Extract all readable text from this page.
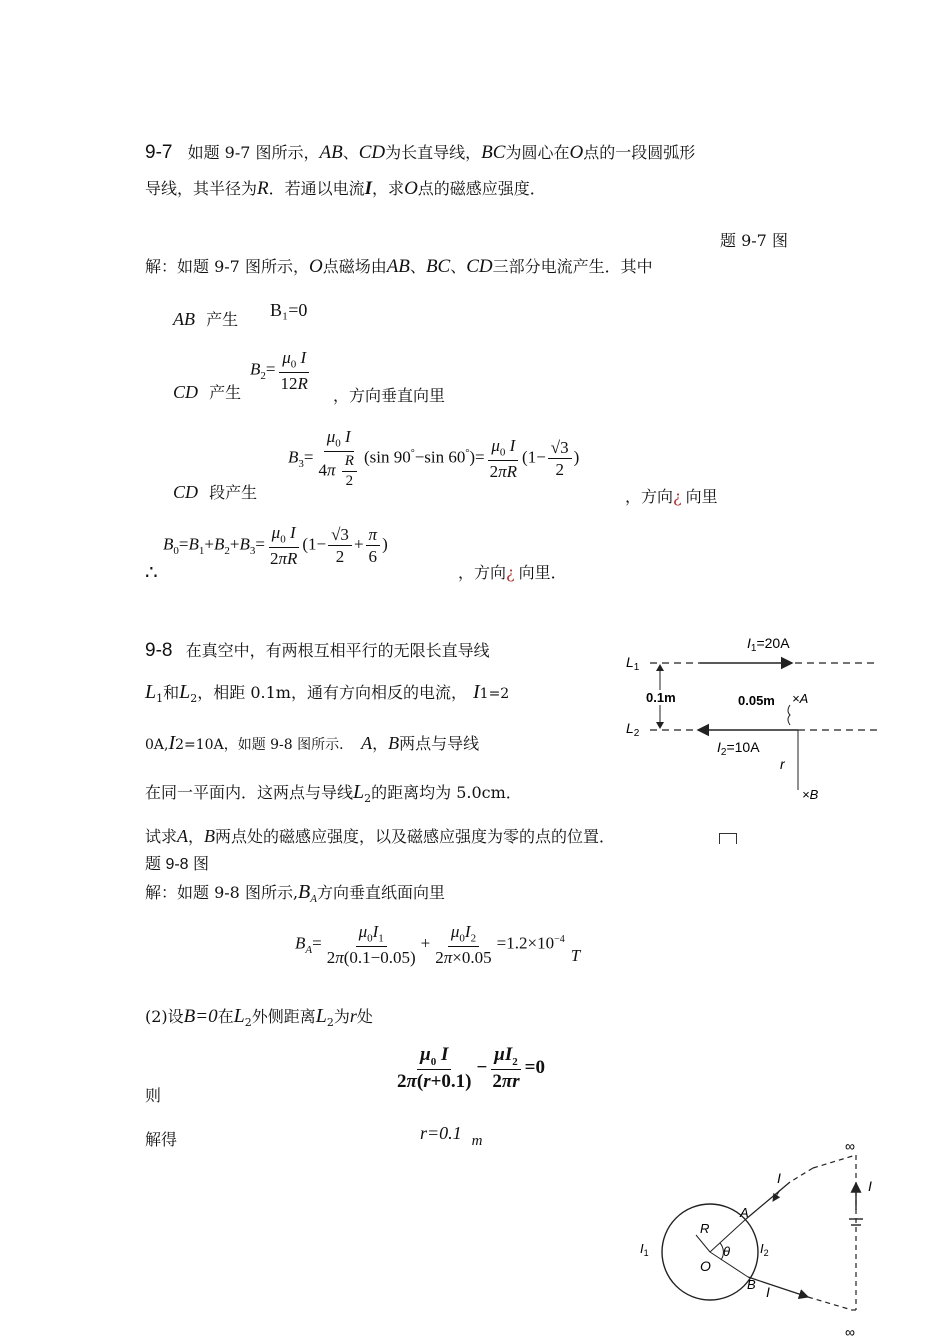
9-7 如题 9-7 图所示，AB、CD为长直导线，BC为圆心在O点的一段圆弧形
导线，其半径为R．若通以电流I，求O点的磁感应强度．
题 9-7 图
解：如题 9-7 图所示，O点磁场由AB、BC、CD三部分电流产生．其中
AB 产生 B₁=0
CD 产生
$B_2= \frac{\mu_0 I}{12R}$
，方向垂直向里
$B_3= \frac{\mu_0 I}{4\pi \frac{R}{2}} (\sin$ 90°−sin $60^\circ)= \frac{\mu_0 I}{2\pi R} (1- \frac{√3}{2}$ )
CD 段产生	，方向¿ 向里
∴
$B_0=B_1+B_2+B_3= \frac{\mu_0 I}{2\pi R} (1- \frac{√3}{2} + \frac{\pi}{6}$ )
，方向¿ 向里．
9-8 在真空中，有两根互相平行的无限长直导线
$L_1$和$L_2$，相距 0.1m，通有方向相反的电流， I1=2
0A,I2=10A，如题 9-8 图所示． A，B两点与导线
在同一平面内．这两点与导线$L_2$的距离均为 5.0cm．
试求A，B两点处的磁感应强度，以及磁感应强度为零的点的位置．
题 9-8 图
解：如题 9-8 图所示$,B_A$方向垂直纸面向里
$B_A= \frac{\mu_0I_1}{2\pi(0.1-0.05)} + \frac{\mu_0I_2}{2\pi\times 0.05} =1.2\times 10^{-4}T$
(2)设B=0在$L_2$外侧距离$L_2$为r处
则
$\frac{\mu_0 I}{2\pi(r+0.1)} - \frac{\mu I_2}{2\pi r} =0$
解得	r=0.1 $_m$
$I_1=20A$
$L_1$
$L_2$
0.1m	0.05m ×A
$I_2=10A$
r
×B
∞
∞
I	I
I
A
B
R
O
θ
$I_1$	$I_2$
